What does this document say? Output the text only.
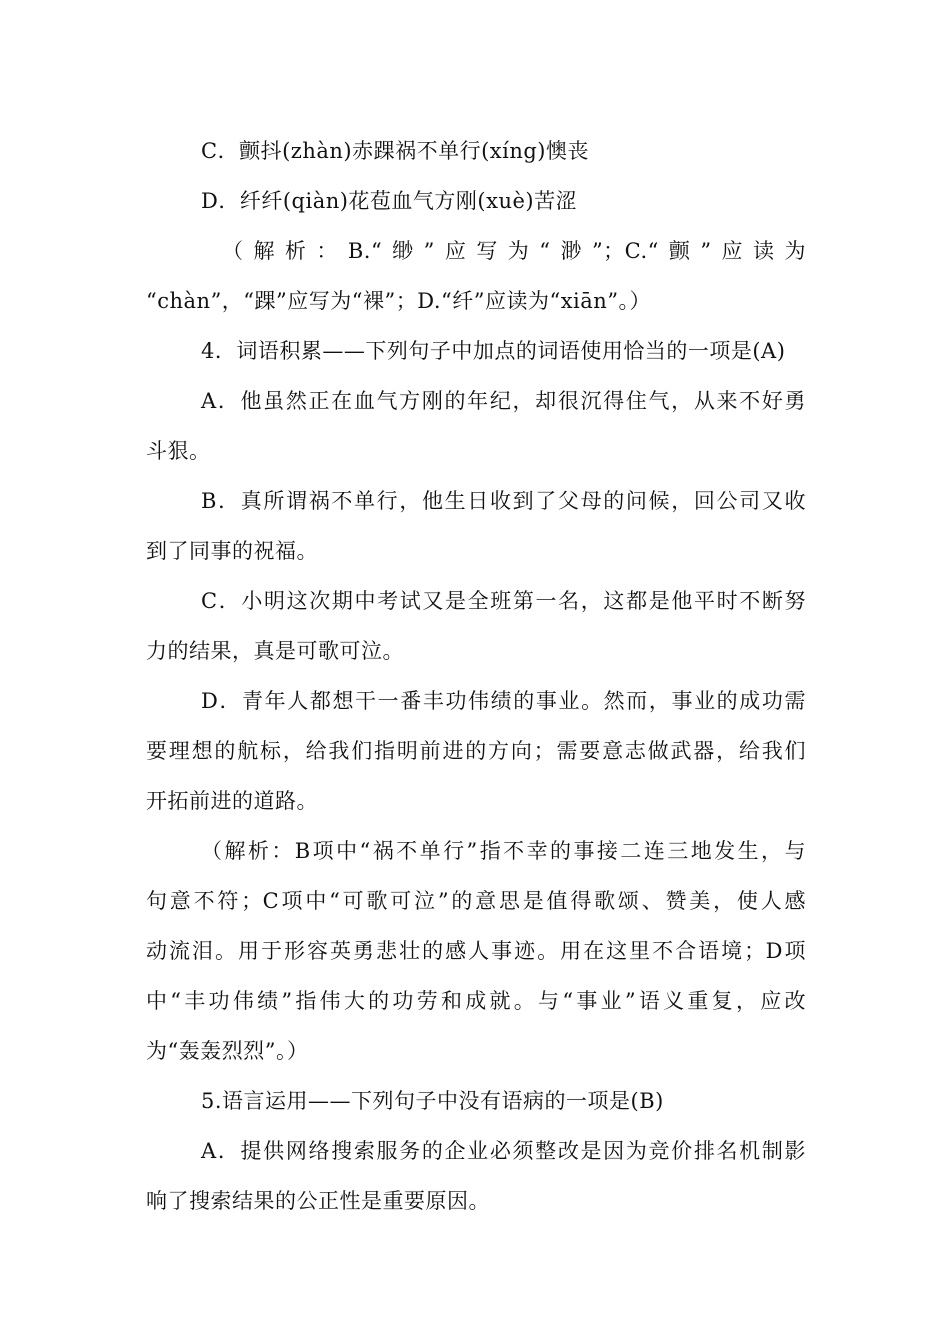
C．颤抖(zhàn)赤踝祸不单行(xíng)懊丧
D．纤纤(qiàn)花苞血气方刚(xuè)苦涩
（解析：B.“缈”应写为“渺”；C.“颤”应读为
“chàn”，“踝”应写为“裸”；D.“纤”应读为“xiān”。）
4．词语积累——下列句子中加点的词语使用恰当的一项是(A)
A．他虽然正在血气方刚的年纪，却很沉得住气，从来不好勇
斗狠。
B．真所谓祸不单行，他生日收到了父母的问候，回公司又收
到了同事的祝福。
C．小明这次期中考试又是全班第一名，这都是他平时不断努
力的结果，真是可歌可泣。
D．青年人都想干一番丰功伟绩的事业。然而，事业的成功需
要理想的航标，给我们指明前进的方向；需要意志做武器，给我们
开拓前进的道路。
（解析：B项中“祸不单行”指不幸的事接二连三地发生，与
句意不符；C项中“可歌可泣”的意思是值得歌颂、赞美，使人感
动流泪。用于形容英勇悲壮的感人事迹。用在这里不合语境；D项
中“丰功伟绩”指伟大的功劳和成就。与“事业”语义重复，应改
为“轰轰烈烈”。）
5.语言运用——下列句子中没有语病的一项是(B)
A．提供网络搜索服务的企业必须整改是因为竞价排名机制影
响了搜索结果的公正性是重要原因。
